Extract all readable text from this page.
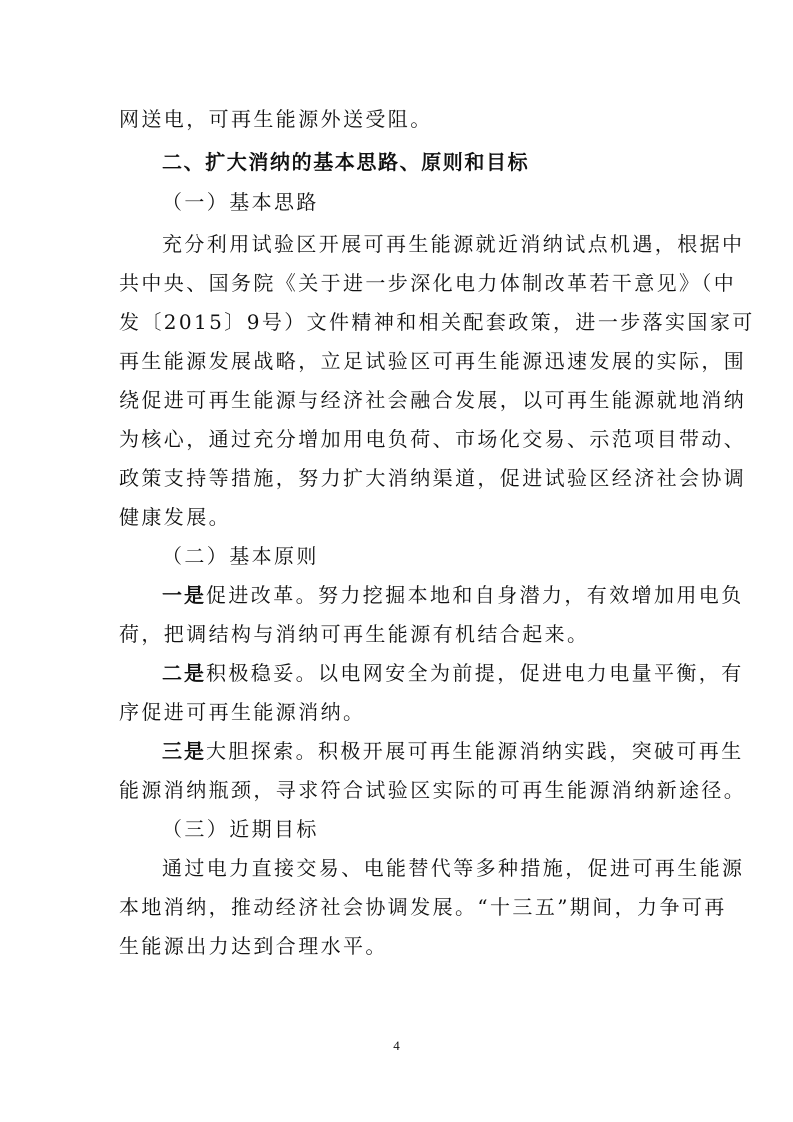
网送电，可再生能源外送受阻。
二、扩大消纳的基本思路、原则和目标
（一）基本思路
充分利用试验区开展可再生能源就近消纳试点机遇，根据中
共中央、国务院《关于进一步深化电力体制改革若干意见》（中
发〔2015〕9号）文件精神和相关配套政策，进一步落实国家可
再生能源发展战略，立足试验区可再生能源迅速发展的实际，围
绕促进可再生能源与经济社会融合发展，以可再生能源就地消纳
为核心，通过充分增加用电负荷、市场化交易、示范项目带动、
政策支持等措施，努力扩大消纳渠道，促进试验区经济社会协调
健康发展。
（二）基本原则
一是促进改革。努力挖掘本地和自身潜力，有效增加用电负
荷，把调结构与消纳可再生能源有机结合起来。
二是积极稳妥。以电网安全为前提，促进电力电量平衡，有
序促进可再生能源消纳。
三是大胆探索。积极开展可再生能源消纳实践，突破可再生
能源消纳瓶颈，寻求符合试验区实际的可再生能源消纳新途径。
（三）近期目标
通过电力直接交易、电能替代等多种措施，促进可再生能源
本地消纳，推动经济社会协调发展。“十三五”期间，力争可再
生能源出力达到合理水平。
4
